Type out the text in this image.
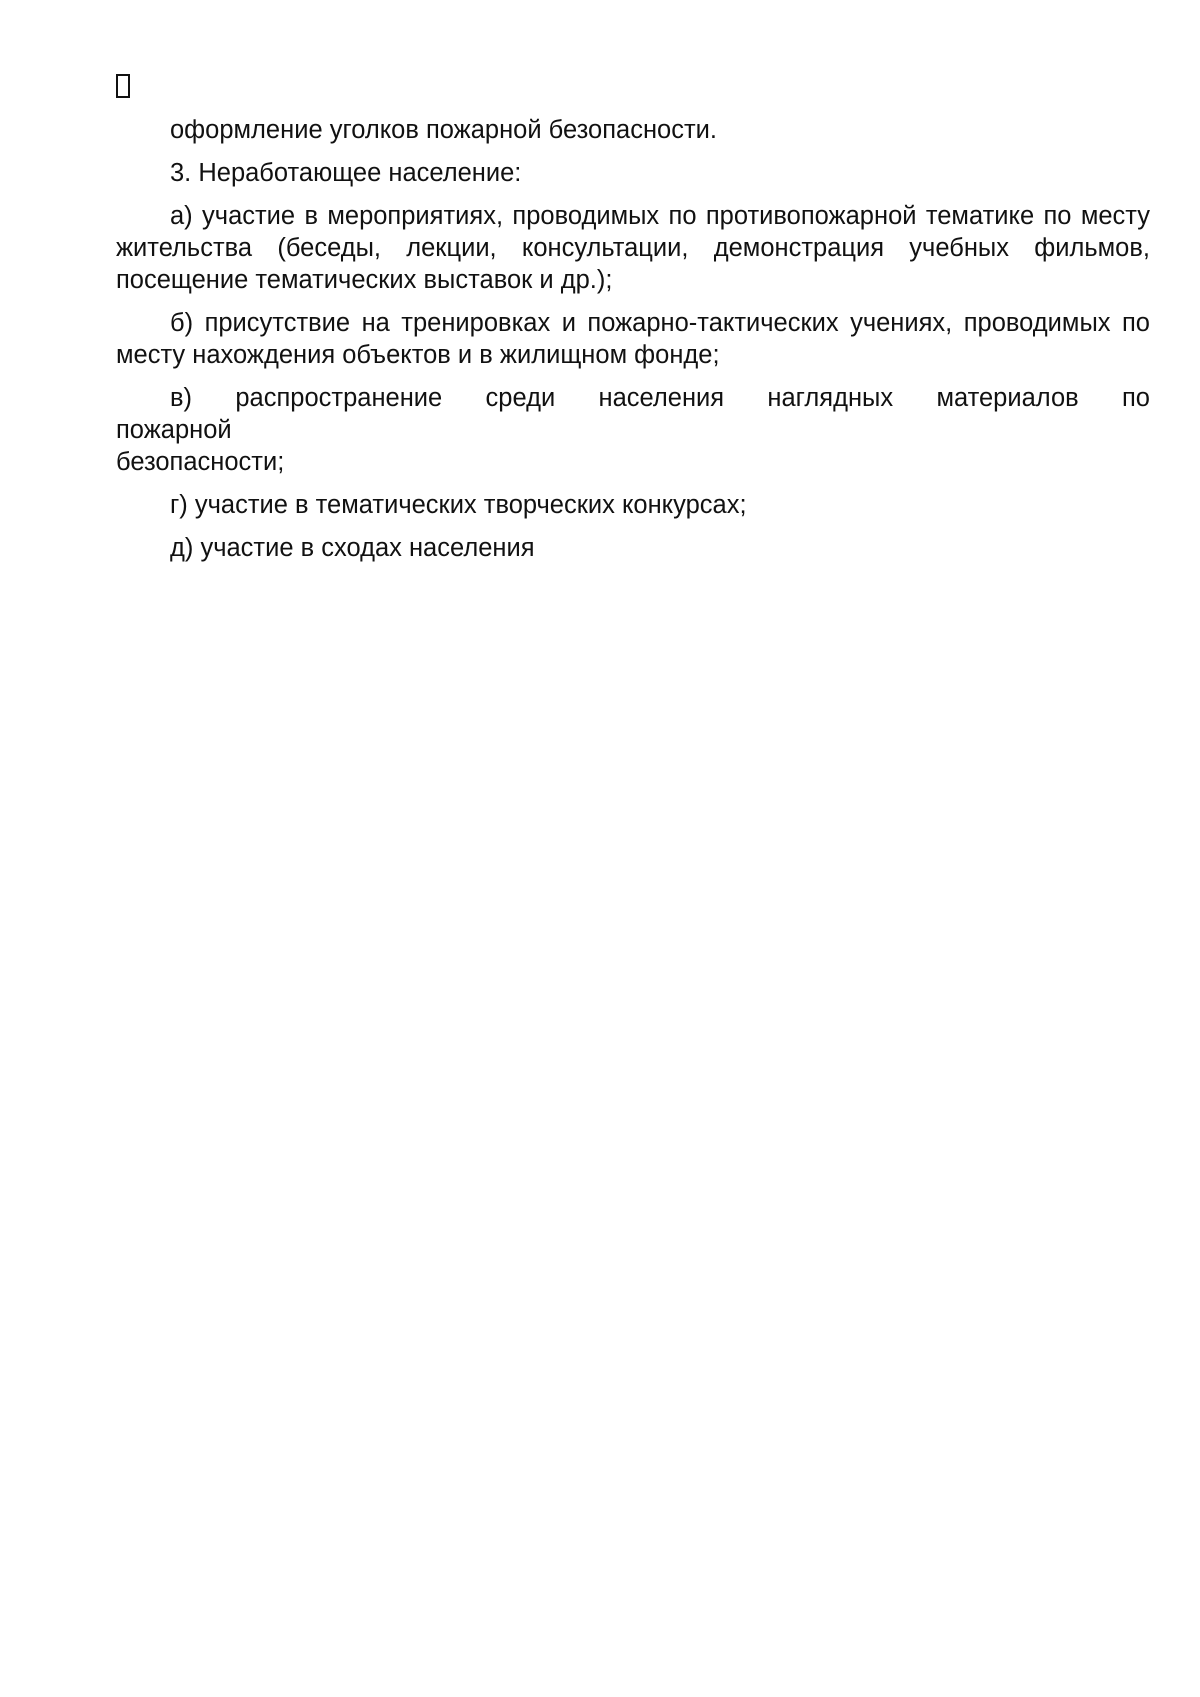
оформление уголков пожарной безопасности.

3. Неработающее население:

а) участие в мероприятиях, проводимых по противопожарной тематике по месту жительства (беседы, лекции, консультации, демонстрация учебных фильмов, посещение тематических выставок и др.);

б) присутствие на тренировках и пожарно-тактических учениях, проводимых по месту нахождения объектов и в жилищном фонде;

в) распространение среди населения наглядных материалов по
пожарной
безопасности;

г) участие в тематических творческих конкурсах;

д) участие в сходах населения
